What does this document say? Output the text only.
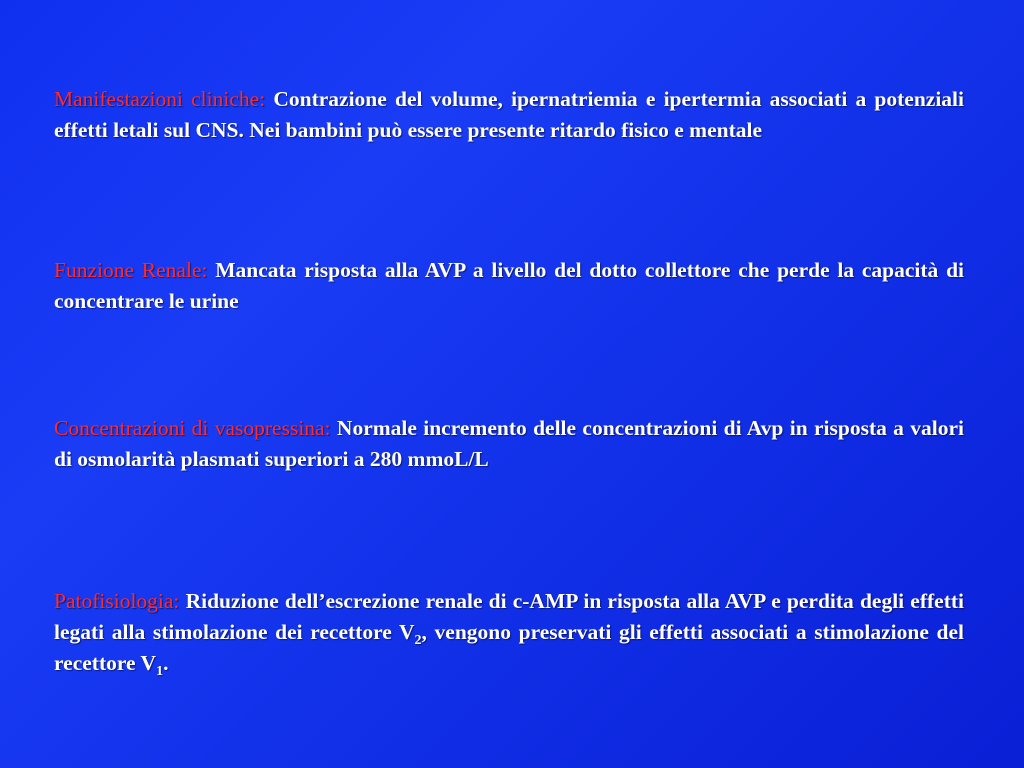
Manifestazioni cliniche: Contrazione del volume, ipernatriemia e ipertermia associati a potenziali effetti letali sul CNS. Nei bambini può essere presente ritardo fisico e mentale

Funzione Renale: Mancata risposta alla AVP a livello del dotto collettore che perde la capacità di concentrare le urine

Concentrazioni di vasopressina: Normale incremento delle concentrazioni di Avp in risposta a valori di osmolarità plasmati superiori a 280 mmoL/L

Patofisiologia: Riduzione dell’escrezione renale di c-AMP in risposta alla AVP e perdita degli effetti legati alla stimolazione dei recettore $V_2$, vengono preservati gli effetti associati a stimolazione del recettore $V_1$.
